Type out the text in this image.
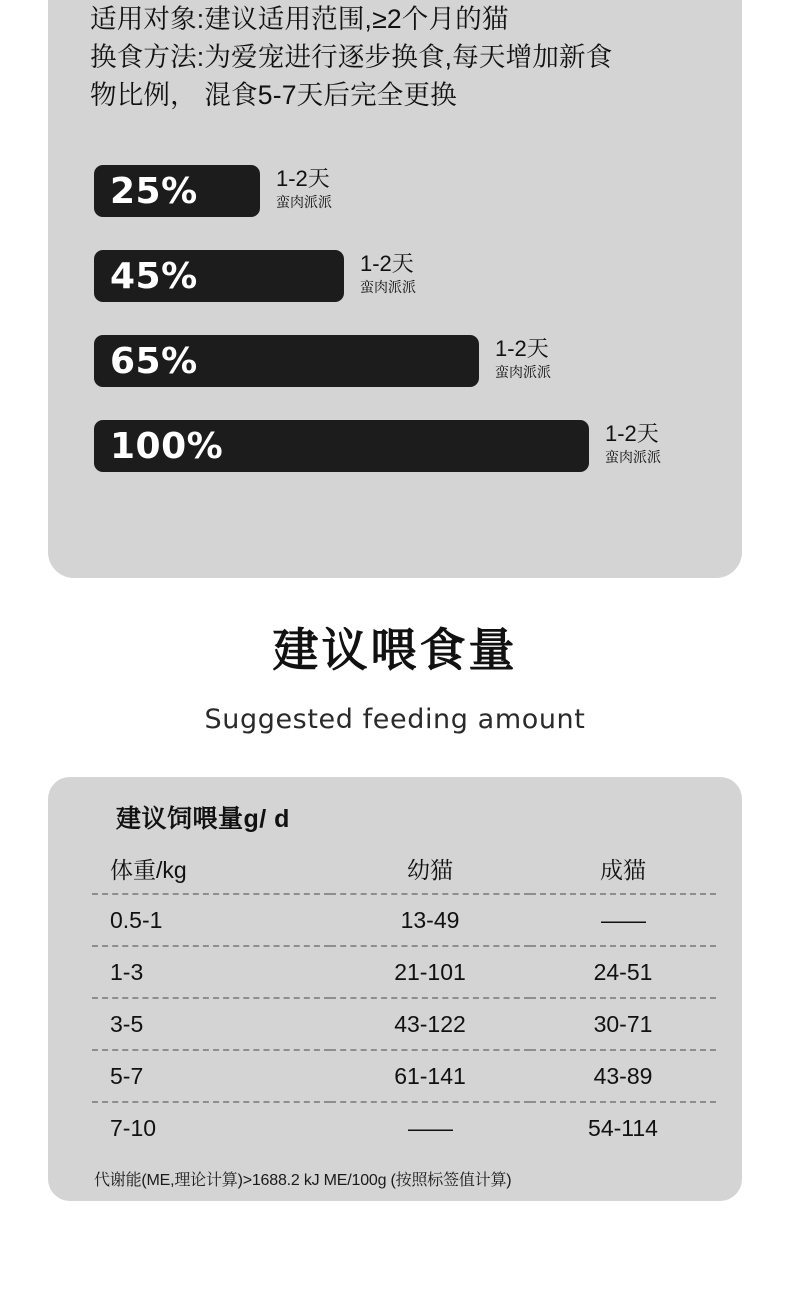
适用对象:建议适用范围,≥2个月的猫
换食方法:为爱宠进行逐步换食,每天增加新食
物比例， 混食5-7天后完全更换
25%	1-2天
蛮肉派派
45%	1-2天
蛮肉派派
65%	1-2天
蛮肉派派
100%	1-2天
蛮肉派派
建议喂食量
Suggested feeding amount
建议饲喂量g/ d
体重/kg	幼猫	成猫
0.5-1	13-49	——
1-3	21-101	24-51
3-5	43-122	30-71
5-7	61-141	43-89
7-10	——	54-114
代谢能(ME,理论计算)>1688.2 kJ ME/100g (按照标签值计算)
